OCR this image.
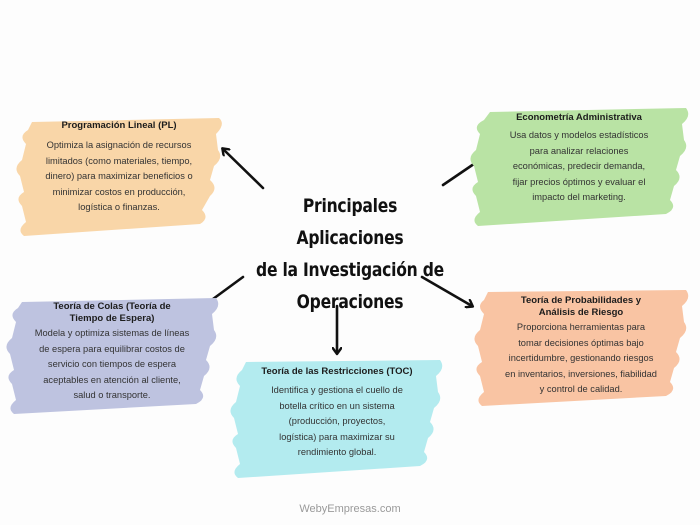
Programación Lineal (PL)

Optimiza la asignación de recursos
limitados (como materiales, tiempo,
dinero) para maximizar beneficios o
minimizar costos en producción,
logística o finanzas.

Econometría Administrativa

Usa datos y modelos estadísticos
para analizar relaciones
económicas, predecir demanda,
fijar precios óptimos y evaluar el
impacto del marketing.

Teoría de Colas (Teoría de
Tiempo de Espera)

Modela y optimiza sistemas de líneas
de espera para equilibrar costos de
servicio con tiempos de espera
aceptables en atención al cliente,
salud o transporte.

Teoría de las Restricciones (TOC)

Identifica y gestiona el cuello de
botella crítico en un sistema
(producción, proyectos,
logística) para maximizar su
rendimiento global.

Teoría de Probabilidades y
Análisis de Riesgo

Proporciona herramientas para
tomar decisiones óptimas bajo
incertidumbre, gestionando riesgos
en inventarios, inversiones, fiabilidad
y control de calidad.

Principales Aplicaciones
de la Investigación de
Operaciones
WebyEmpresas.com
